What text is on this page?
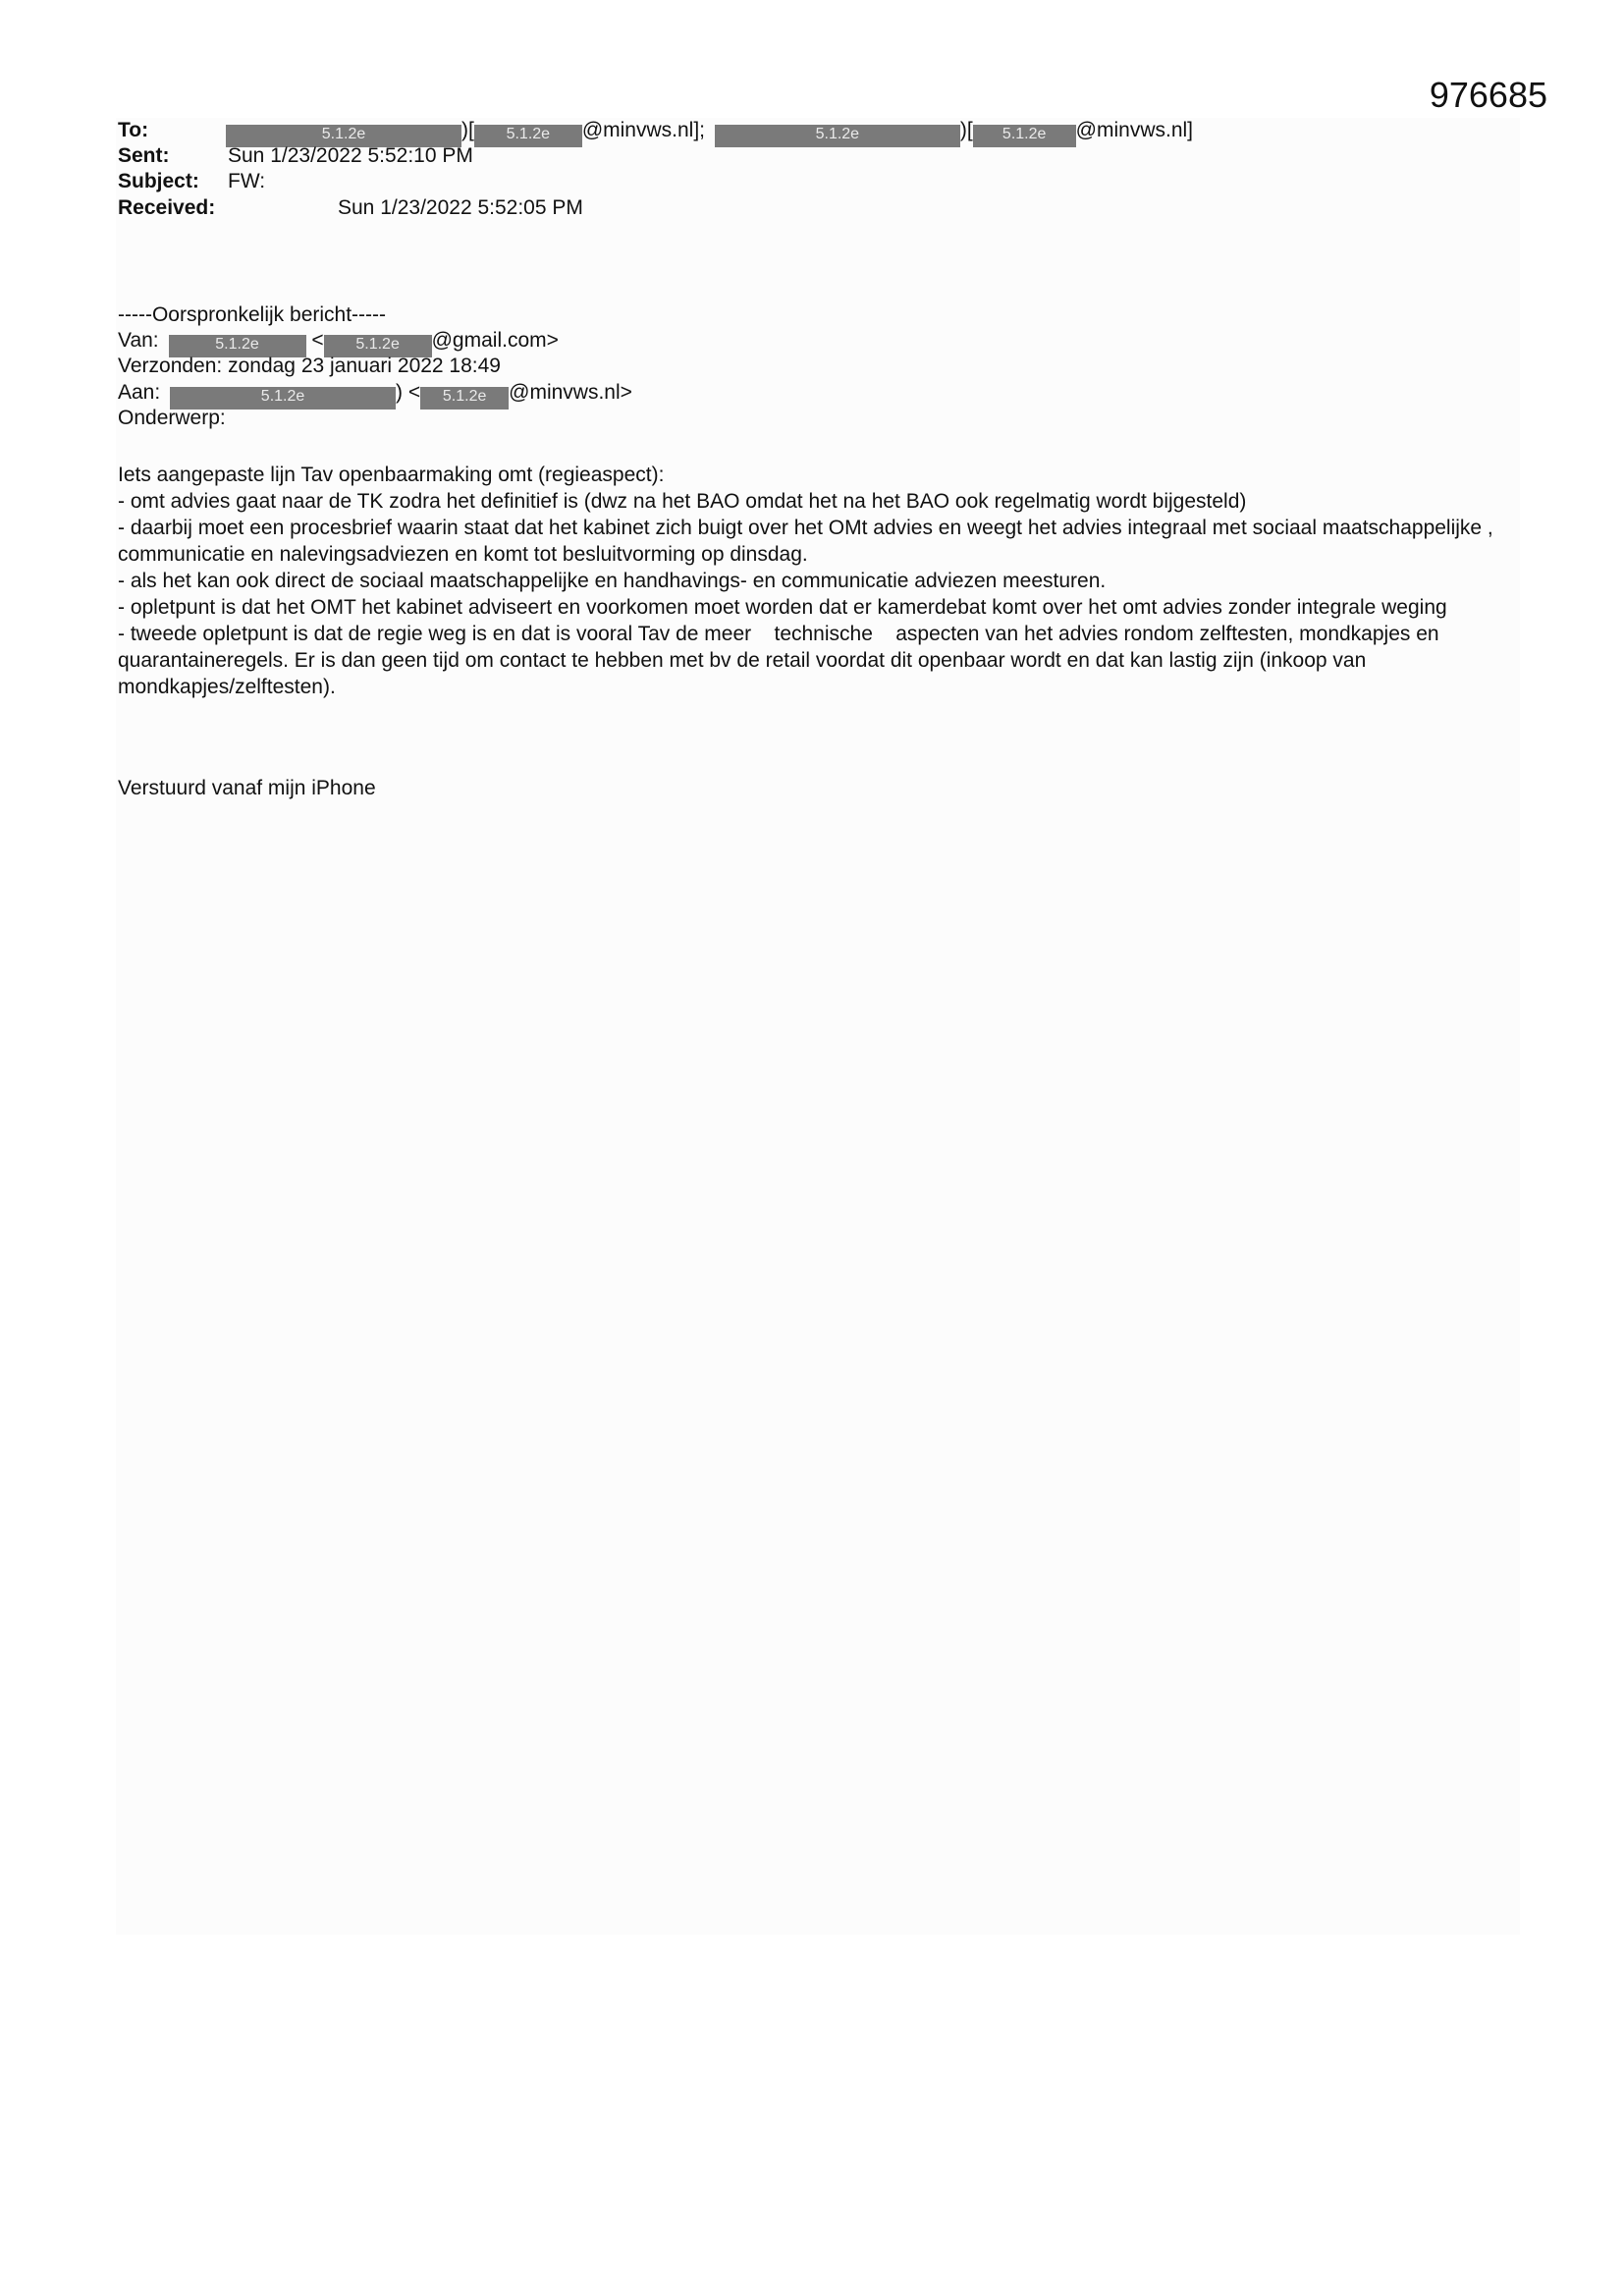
976685
To:	5.1.2e	)[ 5.1.2e @minvws.nl];	5.1.2e	)[ 5.1.2e @minvws.nl]
Sent:	Sun 1/23/2022 5:52:10 PM
Subject: FW:
Received:	Sun 1/23/2022 5:52:05 PM
-----Oorspronkelijk bericht-----
Van:	5.1.2e	< 5.1.2e @gmail.com>
Verzonden: zondag 23 januari 2022 18:49
Aan:	5.1.2e	) < 5.1.2e @minvws.nl>
Onderwerp:

Iets aangepaste lijn Tav openbaarmaking omt (regieaspect):

- omt advies gaat naar de TK zodra het definitief is (dwz na het BAO omdat het na het BAO ook regelmatig wordt bijgesteld)

- daarbij moet een procesbrief waarin staat dat het kabinet zich buigt over het OMt advies en weegt het advies integraal met sociaal maatschappelijke , communicatie en nalevingsadviezen en komt tot besluitvorming op dinsdag.

- als het kan ook direct de sociaal maatschappelijke en handhavings- en communicatie adviezen meesturen.

- opletpunt is dat het OMT het kabinet adviseert en voorkomen moet worden dat er kamerdebat komt over het omt advies zonder integrale weging

- tweede opletpunt is dat de regie weg is en dat is vooral Tav de meer    technische    aspecten van het advies rondom zelftesten, mondkapjes en quarantaineregels. Er is dan geen tijd om contact te hebben met bv de retail voordat dit openbaar wordt en dat kan lastig zijn (inkoop van mondkapjes/zelftesten).

Verstuurd vanaf mijn iPhone
